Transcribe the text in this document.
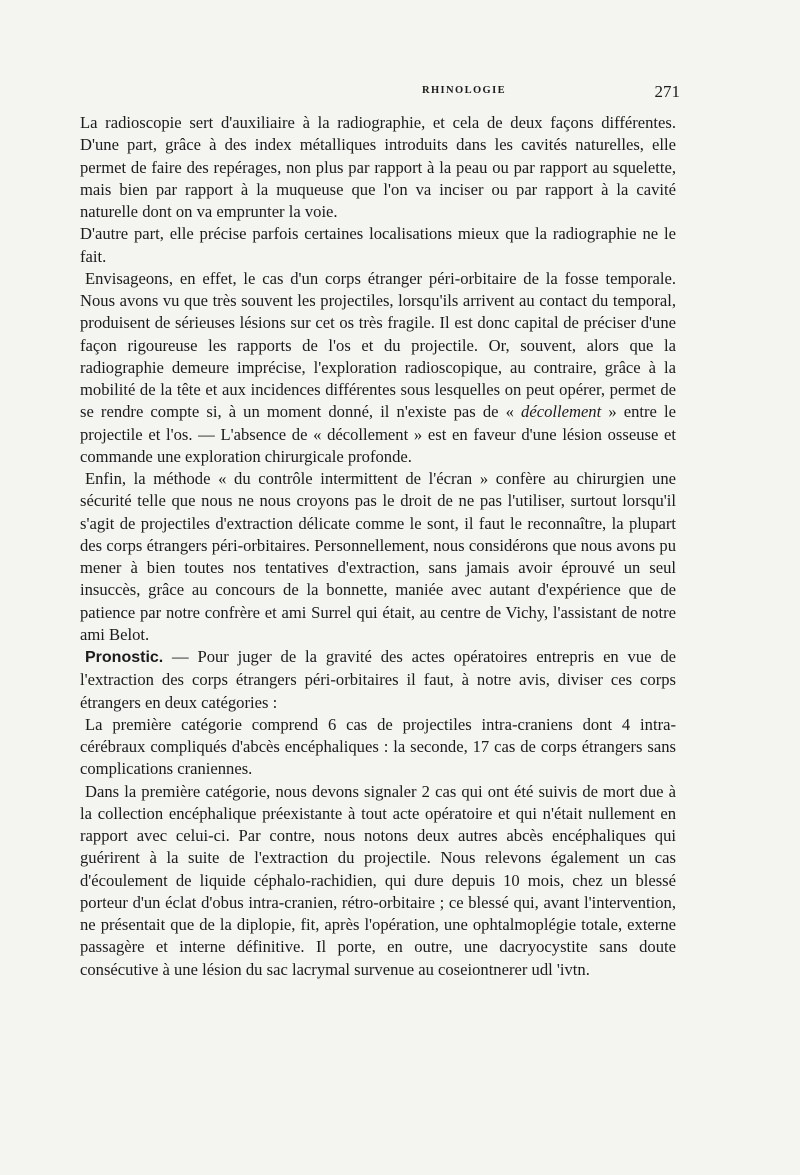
RHINOLOGIE	271

La radioscopie sert d'auxiliaire à la radiographie, et cela de deux façons différentes. D'une part, grâce à des index métalliques introduits dans les cavités naturelles, elle permet de faire des repérages, non plus par rapport à la peau ou par rapport au squelette, mais bien par rapport à la muqueuse que l'on va inciser ou par rapport à la cavité naturelle dont on va emprunter la voie.

D'autre part, elle précise parfois certaines localisations mieux que la radiographie ne le fait.

Envisageons, en effet, le cas d'un corps étranger péri-orbitaire de la fosse temporale. Nous avons vu que très souvent les projectiles, lorsqu'ils arrivent au contact du temporal, produisent de sérieuses lésions sur cet os très fragile. Il est donc capital de préciser d'une façon rigoureuse les rapports de l'os et du projectile. Or, souvent, alors que la radiographie demeure imprécise, l'exploration radioscopique, au contraire, grâce à la mobilité de la tête et aux incidences différentes sous lesquelles on peut opérer, permet de se rendre compte si, à un moment donné, il n'existe pas de « décollement » entre le projectile et l'os. — L'absence de « décollement » est en faveur d'une lésion osseuse et commande une exploration chirurgicale profonde.

Enfin, la méthode « du contrôle intermittent de l'écran » confère au chirurgien une sécurité telle que nous ne nous croyons pas le droit de ne pas l'utiliser, surtout lorsqu'il s'agit de projectiles d'extraction délicate comme le sont, il faut le reconnaître, la plupart des corps étrangers péri-orbitaires. Personnellement, nous considérons que nous avons pu mener à bien toutes nos tentatives d'extraction, sans jamais avoir éprouvé un seul insuccès, grâce au concours de la bonnette, maniée avec autant d'expérience que de patience par notre confrère et ami Surrel qui était, au centre de Vichy, l'assistant de notre ami Belot.

Pronostic. — Pour juger de la gravité des actes opératoires entrepris en vue de l'extraction des corps étrangers péri-orbitaires il faut, à notre avis, diviser ces corps étrangers en deux catégories :

La première catégorie comprend 6 cas de projectiles intra-craniens dont 4 intra-cérébraux compliqués d'abcès encéphaliques : la seconde, 17 cas de corps étrangers sans complications craniennes.

Dans la première catégorie, nous devons signaler 2 cas qui ont été suivis de mort due à la collection encéphalique préexistante à tout acte opératoire et qui n'était nullement en rapport avec celui-ci. Par contre, nous notons deux autres abcès encéphaliques qui guérirent à la suite de l'extraction du projectile. Nous relevons également un cas d'écoulement de liquide céphalo-rachidien, qui dure depuis 10 mois, chez un blessé porteur d'un éclat d'obus intra-cranien, rétro-orbitaire ; ce blessé qui, avant l'intervention, ne présentait que de la diplopie, fit, après l'opération, une ophtalmoplégie totale, externe passagère et interne définitive. Il porte, en outre, une dacryocystite sans doute consécutive à une lésion du sac lacrymal survenue au coseiontnerer udl 'ivtn.
